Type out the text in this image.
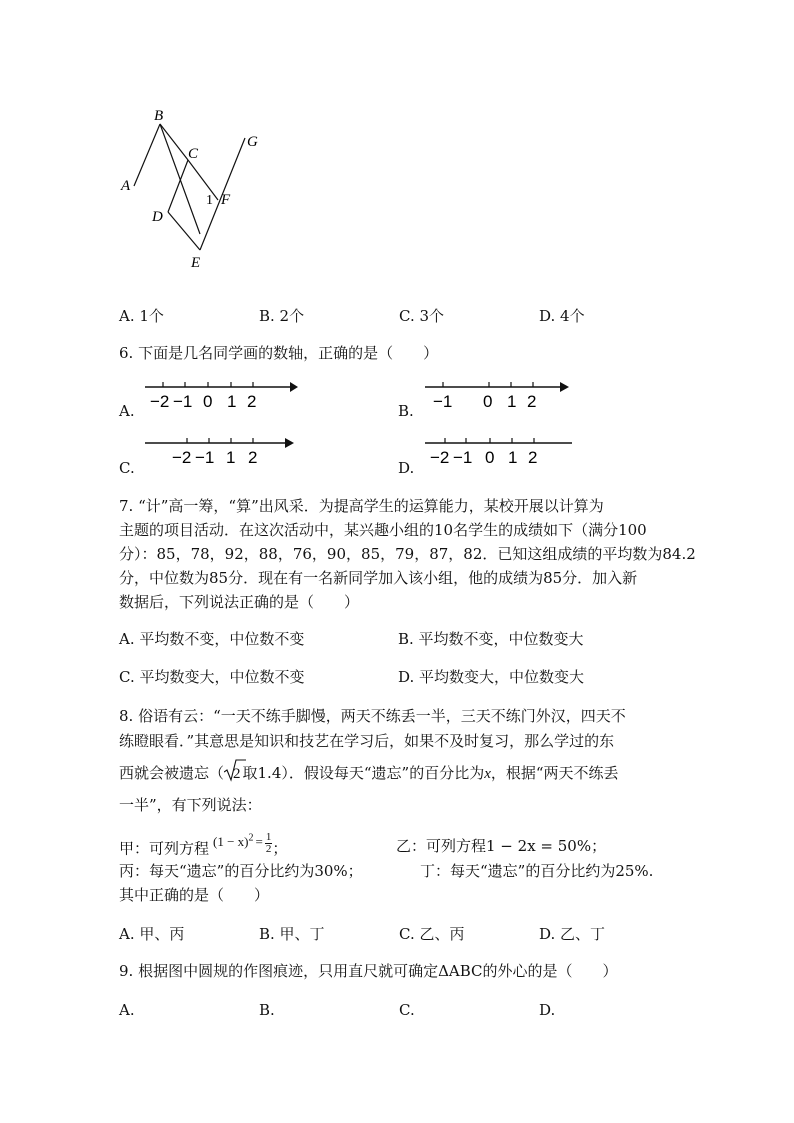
A
B
C
D
E
F
G
1
A. 1个	B. 2个	C. 3个	D. 4个
6. 下面是几名同学画的数轴，正确的是（　　）
A. −2 −1 0 1 2	B. −1 0 1 2
C.
−2 −1 1 2
D.
−2 −1 0 1 2
7. “计”高一筹，“算”出风采．为提高学生的运算能力，某校开展以计算为
主题的项目活动．在这次活动中，某兴趣小组的10名学生的成绩如下（满分100
分）：85，78，92，88，76，90，85，79，87，82．已知这组成绩的平均数为84.2
分，中位数为85分．现在有一名新同学加入该小组，他的成绩为85分．加入新
数据后，下列说法正确的是（　　）
A. 平均数不变，中位数不变	B. 平均数不变，中位数变大
C. 平均数变大，中位数不变	D. 平均数变大，中位数变大
8. 俗语有云：“一天不练手脚慢，两天不练丢一半，三天不练门外汉，四天不
练瞪眼看．”其意思是知识和技艺在学习后，如果不及时复习，那么学过的东
西就会被遗忘（ 2 取1.4）．假设每天“遗忘”的百分比为x，根据“两天不练丢
一半”，有下列说法：
甲：可列方程 $(1 - x)^2 = \frac{1}{2}$ ；	乙：可列方程1 − 2x = 50%；
丙：每天“遗忘”的百分比约为30%；	丁：每天“遗忘”的百分比约为25%.
其中正确的是（　　）
A. 甲、丙	B. 甲、丁	C. 乙、丙	D. 乙、丁
9. 根据图中圆规的作图痕迹，只用直尺就可确定ΔABC的外心的是（　　）
A.	B.	C.	D.
